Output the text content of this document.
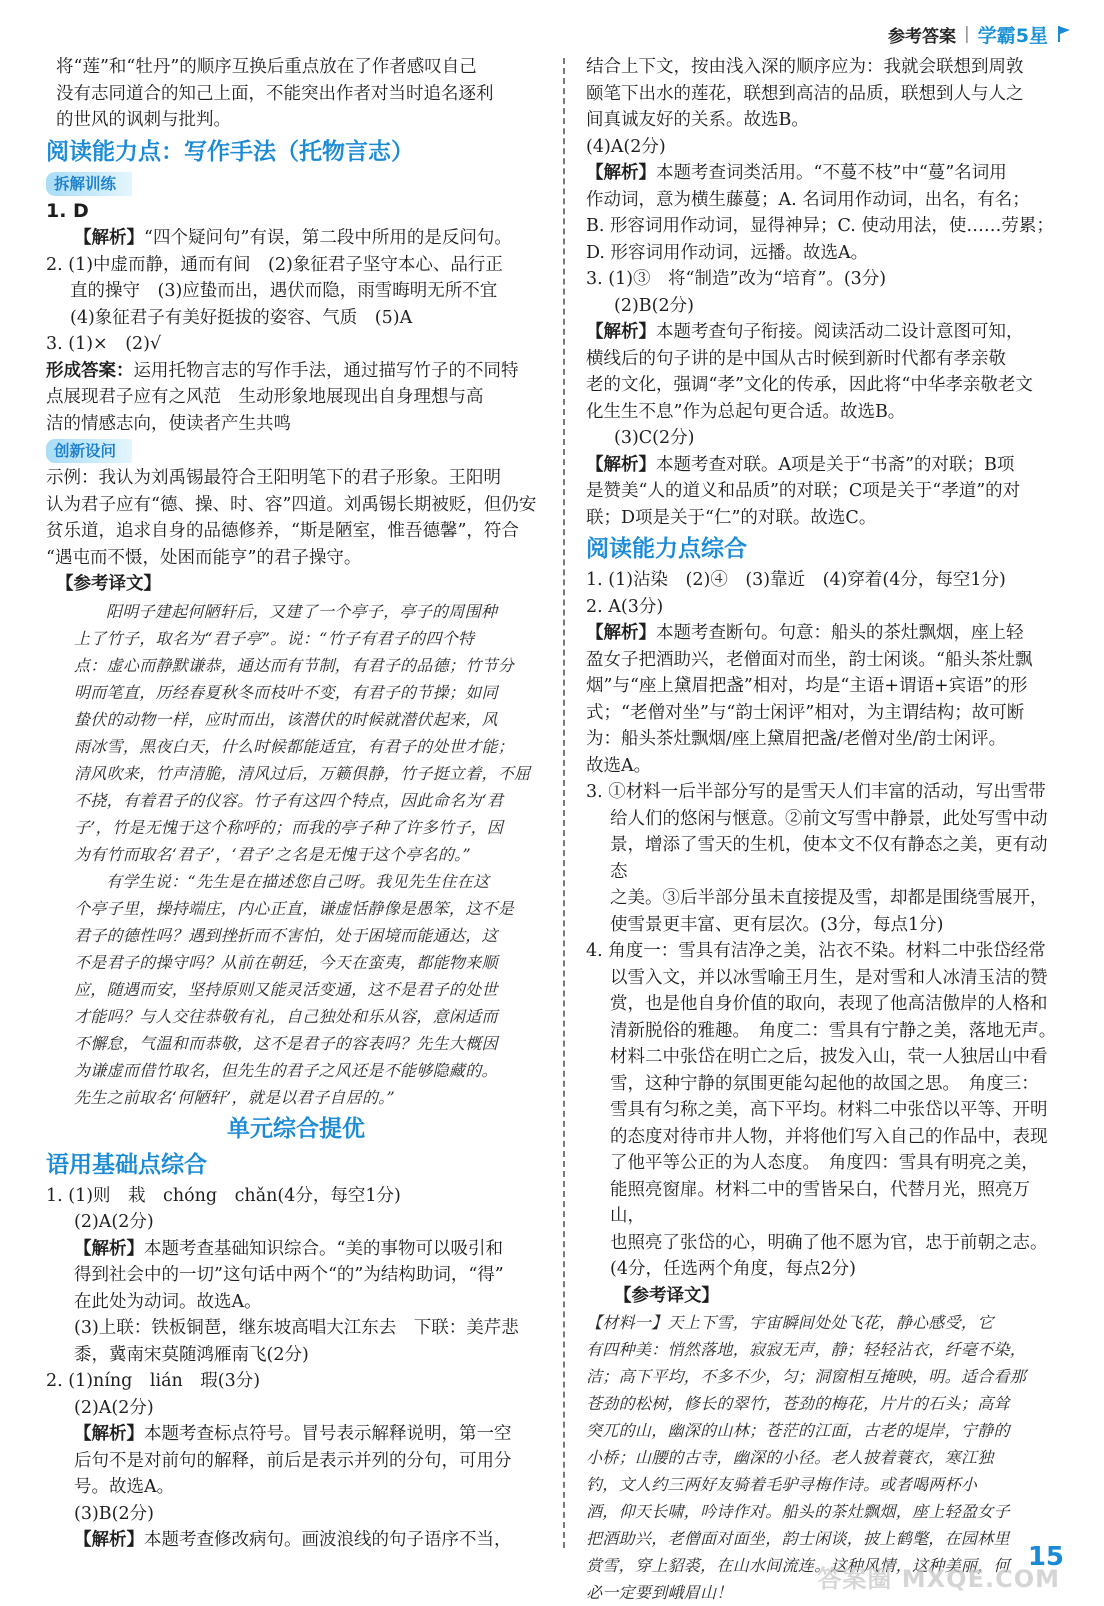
参考答案 | 学霸5星

将“莲”和“牡丹”的顺序互换后重点放在了作者感叹自己

没有志同道合的知己上面，不能突出作者对当时追名逐利

的世风的讽刺与批判。

阅读能力点：写作手法（托物言志）

拆解训练

1. D

【解析】“四个疑问句”有误，第二段中所用的是反问句。

2. (1)中虚而静，通而有间　(2)象征君子坚守本心、品行正

直的操守　(3)应蛰而出，遇伏而隐，雨雪晦明无所不宜

(4)象征君子有美好挺拔的姿容、气质　(5)A

3. (1)×　(2)√

形成答案：运用托物言志的写作手法，通过描写竹子的不同特

点展现君子应有之风范　生动形象地展现出自身理想与高

洁的情感志向，使读者产生共鸣

创新设问

示例：我认为刘禹锡最符合王阳明笔下的君子形象。王阳明

认为君子应有“德、操、时、容”四道。刘禹锡长期被贬，但仍安

贫乐道，追求自身的品德修养，“斯是陋室，惟吾德馨”，符合

“遇屯而不慑，处困而能亨”的君子操守。

【参考译文】

阳明子建起何陋轩后，又建了一个亭子，亭子的周围种

上了竹子，取名为“君子亭”。说：“竹子有君子的四个特

点：虚心而静默谦恭，通达而有节制，有君子的品德；竹节分

明而笔直，历经春夏秋冬而枝叶不变，有君子的节操；如同

蛰伏的动物一样，应时而出，该潜伏的时候就潜伏起来，风

雨冰雪，黑夜白天，什么时候都能适宜，有君子的处世才能；

清风吹来，竹声清脆，清风过后，万籁俱静，竹子挺立着，不屈

不挠，有着君子的仪容。竹子有这四个特点，因此命名为‘君

子’，竹是无愧于这个称呼的；而我的亭子种了许多竹子，因

为有竹而取名‘君子’，‘君子’之名是无愧于这个亭名的。”

有学生说：“先生是在描述您自己呀。我见先生住在这

个亭子里，操持端庄，内心正直，谦虚恬静像是愚笨，这不是

君子的德性吗？遇到挫折而不害怕，处于困境而能通达，这

不是君子的操守吗？从前在朝廷，今天在蛮夷，都能物来顺

应，随遇而安，坚持原则又能灵活变通，这不是君子的处世

才能吗？与人交往恭敬有礼，自己独处和乐从容，意闲适而

不懈怠，气温和而恭敬，这不是君子的容表吗？先生大概因

为谦虚而借竹取名，但先生的君子之风还是不能够隐藏的。

先生之前取名‘何陋轩’，就是以君子自居的。”

单元综合提优

语用基础点综合

1. (1)则　栽　chóng　chǎn(4分，每空1分)

(2)A(2分)

【解析】本题考查基础知识综合。“美的事物可以吸引和

得到社会中的一切”这句话中两个“的”为结构助词，“得”

在此处为动词。故选A。

(3)上联：铁板铜琶，继东坡高唱大江东去　下联：美芹悲

黍，冀南宋莫随鸿雁南飞(2分)

2. (1)níng　lián　瑕(3分)

(2)A(2分)

【解析】本题考查标点符号。冒号表示解释说明，第一空

后句不是对前句的解释，前后是表示并列的分句，可用分

号。故选A。

(3)B(2分)

【解析】本题考查修改病句。画波浪线的句子语序不当，

结合上下文，按由浅入深的顺序应为：我就会联想到周敦

颐笔下出水的莲花，联想到高洁的品质，联想到人与人之

间真诚友好的关系。故选B。

(4)A(2分)

【解析】本题考查词类活用。“不蔓不枝”中“蔓”名词用

作动词，意为横生藤蔓；A. 名词用作动词，出名，有名；

B. 形容词用作动词，显得神异；C. 使动用法，使……劳累；

D. 形容词用作动词，远播。故选A。

3. (1)③　将“制造”改为“培育”。(3分)

(2)B(2分)

【解析】本题考查句子衔接。阅读活动二设计意图可知，

横线后的句子讲的是中国从古时候到新时代都有孝亲敬

老的文化，强调“孝”文化的传承，因此将“中华孝亲敬老文

化生生不息”作为总起句更合适。故选B。

(3)C(2分)

【解析】本题考查对联。A项是关于“书斋”的对联；B项

是赞美“人的道义和品质”的对联；C项是关于“孝道”的对

联；D项是关于“仁”的对联。故选C。

阅读能力点综合

1. (1)沾染　(2)④　(3)靠近　(4)穿着(4分，每空1分)

2. A(3分)

【解析】本题考查断句。句意：船头的茶灶飘烟，座上轻

盈女子把酒助兴，老僧面对而坐，韵士闲谈。“船头茶灶飘

烟”与“座上黛眉把盏”相对，均是“主语+谓语+宾语”的形

式；“老僧对坐”与“韵士闲评”相对，为主谓结构；故可断

为：船头茶灶飘烟/座上黛眉把盏/老僧对坐/韵士闲评。

故选A。

3. ①材料一后半部分写的是雪天人们丰富的活动，写出雪带

给人们的悠闲与惬意。②前文写雪中静景，此处写雪中动

景，增添了雪天的生机，使本文不仅有静态之美，更有动态

之美。③后半部分虽未直接提及雪，却都是围绕雪展开，

使雪景更丰富、更有层次。(3分，每点1分)

4. 角度一：雪具有洁净之美，沾衣不染。材料二中张岱经常

以雪入文，并以冰雪喻王月生，是对雪和人冰清玉洁的赞

赏，也是他自身价值的取向，表现了他高洁傲岸的人格和

清新脱俗的雅趣。　角度二：雪具有宁静之美，落地无声。

材料二中张岱在明亡之后，披发入山，茕一人独居山中看

雪，这种宁静的氛围更能勾起他的故国之思。　角度三：

雪具有匀称之美，高下平均。材料二中张岱以平等、开明

的态度对待市井人物，并将他们写入自己的作品中，表现

了他平等公正的为人态度。　角度四：雪具有明亮之美，

能照亮窗扉。材料二中的雪皆呆白，代替月光，照亮万山，

也照亮了张岱的心，明确了他不愿为官，忠于前朝之志。

(4分，任选两个角度，每点2分)

【参考译文】

【材料一】天上下雪，宇宙瞬间处处飞花，静心感受，它

有四种美：悄然落地，寂寂无声，静；轻轻沾衣，纤毫不染，

洁；高下平均，不多不少，匀；洞窗相互掩映，明。适合看那

苍劲的松树，修长的翠竹，苍劲的梅花，片片的石头；高耸

突兀的山，幽深的山林；苍茫的江面，古老的堤岸，宁静的

小桥；山腰的古寺，幽深的小径。老人披着蓑衣，寒江独

钓，文人约三两好友骑着毛驴寻梅作诗。或者喝两杯小

酒，仰天长啸，吟诗作对。船头的茶灶飘烟，座上轻盈女子

把酒助兴，老僧面对面坐，韵士闲谈，披上鹤氅，在园林里

赏雪，穿上貂裘，在山水间流连。这种风情，这种美丽，何

必一定要到峨眉山！

15
答案圈 MXQE.COM
